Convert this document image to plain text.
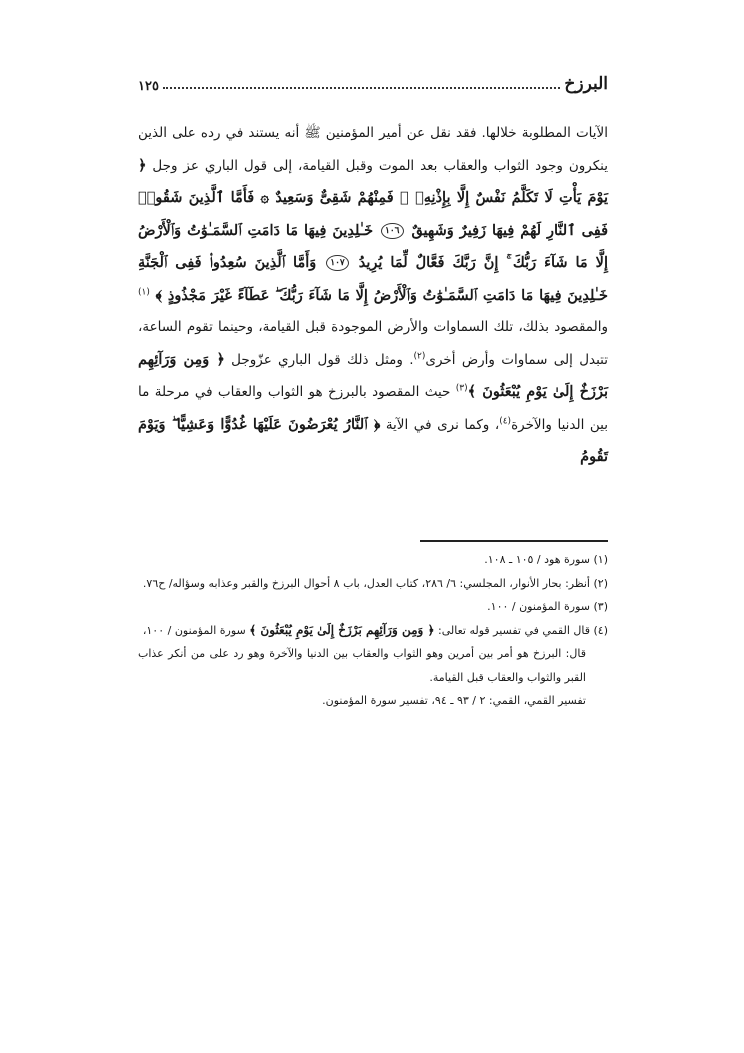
البرزخ
١٢٥

الآيات المطلوبة خلالها. فقد نقل عن أمير المؤمنين ﷺ أنه يستند في رده على الذين ينكرون وجود الثواب والعقاب بعد الموت وقبل القيامة، إلى قول الباري عز وجل ﴿ يَوْمَ يَأْتِ لَا تَكَلَّمُ نَفْسٌ إِلَّا بِإِذْنِهِۦ ۚ فَمِنْهُمْ شَقِىٌّ وَسَعِيدٌ ۞ فَأَمَّا ٱلَّذِينَ شَقُوا۟ فَفِى ٱلنَّارِ لَهُمْ فِيهَا زَفِيرٌ وَشَهِيقٌ ١٠٦ خَـٰلِدِينَ فِيهَا مَا دَامَتِ ٱلسَّمَـٰوَٰتُ وَٱلْأَرْضُ إِلَّا مَا شَآءَ رَبُّكَ ۚ إِنَّ رَبَّكَ فَعَّالٌ لِّمَا يُرِيدُ ١٠٧ وَأَمَّا ٱلَّذِينَ سُعِدُوا۟ فَفِى ٱلْجَنَّةِ خَـٰلِدِينَ فِيهَا مَا دَامَتِ ٱلسَّمَـٰوَٰتُ وَٱلْأَرْضُ إِلَّا مَا شَآءَ رَبُّكَ ۖ عَطَآءً غَيْرَ مَجْذُوذٍ ﴾ $^{(١)}$ والمقصود بذلك، تلك السماوات والأرض الموجودة قبل القيامة، وحينما تقوم الساعة، تتبدل إلى سماوات وأرض أخرى$^{(٢)}$. ومثل ذلك قول الباري عزّوجل ﴿ وَمِن وَرَآئِهِم بَرْزَخٌ إِلَىٰ يَوْمِ يُبْعَثُونَ ﴾$^{(٣)}$ حيث المقصود بالبرزخ هو الثواب والعقاب في مرحلة ما بين الدنيا والآخرة$^{(٤)}$، وكما نرى في الآية ﴿ ٱلنَّارُ يُعْرَضُونَ عَلَيْهَا غُدُوًّا وَعَشِيًّا ۖ وَيَوْمَ تَقُومُ

(١) سورة هود / ١٠٥ ـ ١٠٨.

(٢) أنظر: بحار الأنوار، المجلسي: ٦/ ٢٨٦، كتاب العدل، باب ٨ أحوال البرزخ والقبر وعذابه وسؤاله/ ح٧٦.

(٣) سورة المؤمنون / ١٠٠.

(٤) قال القمي في تفسير قوله تعالى: ﴿ وَمِن وَرَآئِهِم بَرْزَخٌ إِلَىٰ يَوْمِ يُبْعَثُونَ ﴾ سورة المؤمنون / ١٠٠،

قال: البرزخ هو أمر بين أمرين وهو الثواب والعقاب بين الدنيا والآخرة وهو رد على من أنكر عذاب القبر والثواب والعقاب قبل القيامة.

تفسير القمي، القمي: ٢ / ٩٣ ـ ٩٤، تفسير سورة المؤمنون.
